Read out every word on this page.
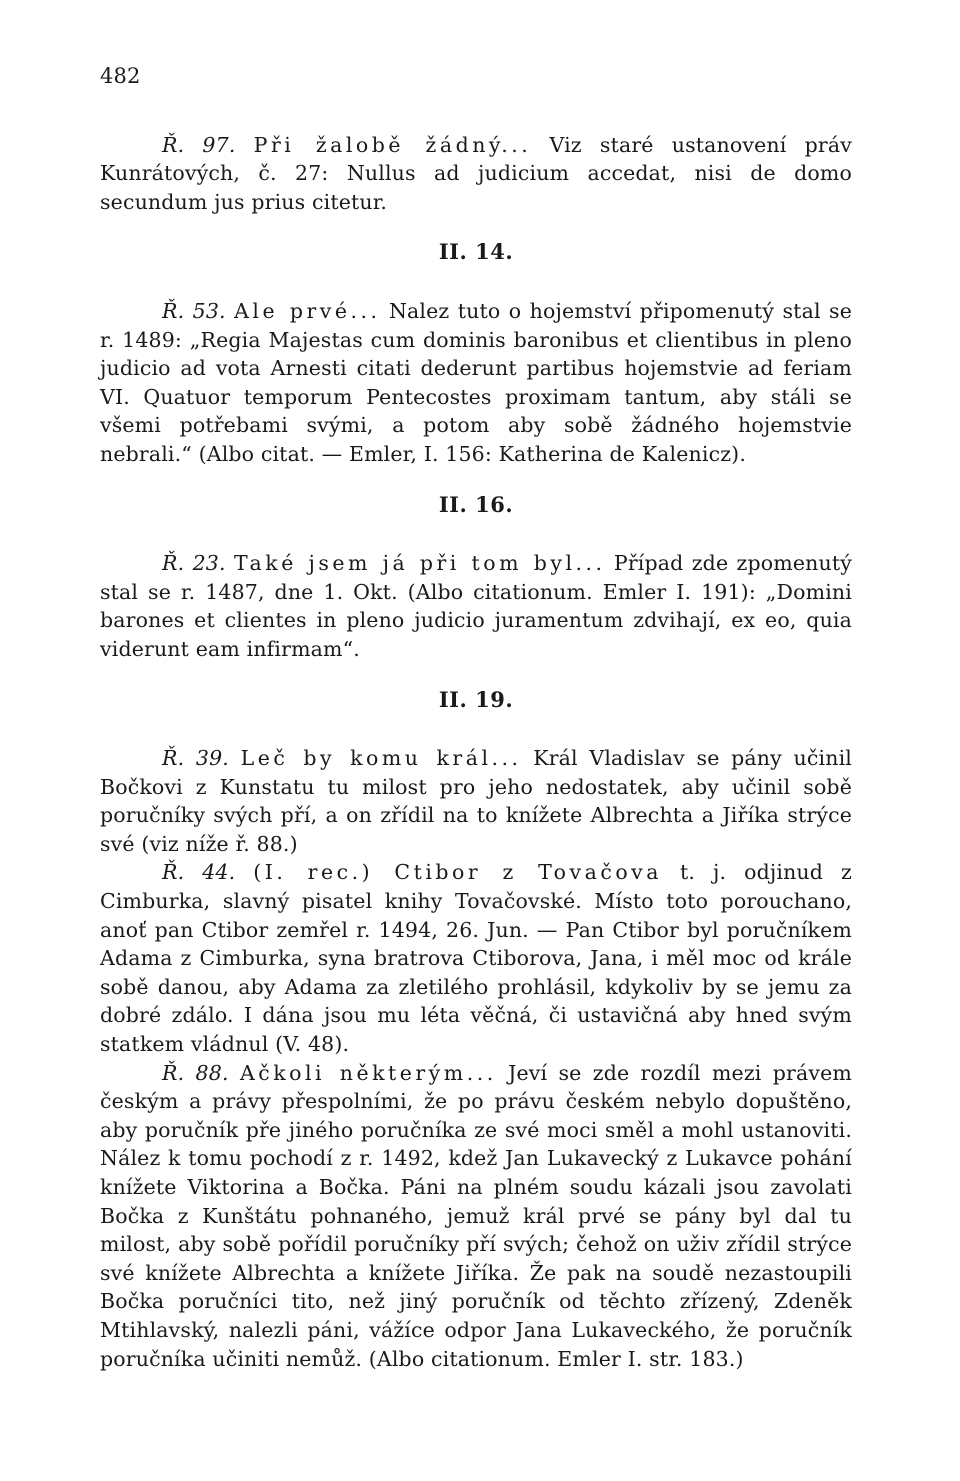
482

Ř. 97. Při žalobě žádný... Viz staré ustanovení práv Kunrátových, č. 27: Nullus ad judicium accedat, nisi de domo secundum jus prius citetur.

II. 14.

Ř. 53. Ale prvé... Nalez tuto o hojemství připomenutý stal se r. 1489: „Regia Majestas cum dominis baronibus et clientibus in pleno judicio ad vota Arnesti citati dederunt partibus hojemstvie ad feriam VI. Quatuor temporum Pentecostes proximam tantum, aby stáli se všemi potřebami svými, a potom aby sobě žádného hojemstvie nebrali.“ (Albo citat. — Emler, I. 156: Katherina de Kalenicz).

II. 16.

Ř. 23. Také jsem já při tom byl... Případ zde zpomenutý stal se r. 1487, dne 1. Okt. (Albo citationum. Emler I. 191): „Domini barones et clientes in pleno judicio juramentum zdvihají, ex eo, quia viderunt eam infirmam“.

II. 19.

Ř. 39. Leč by komu král... Král Vladislav se pány učinil Bočkovi z Kunstatu tu milost pro jeho nedostatek, aby učinil sobě poručníky svých pří, a on zřídil na to knížete Albrechta a Jiříka strýce své (viz níže ř. 88.)

Ř. 44. (I. rec.) Ctibor z Tovačova t. j. odjinud z Cimburka, slavný pisatel knihy Tovačovské. Místo toto porouchano, anoť pan Ctibor zemřel r. 1494, 26. Jun. — Pan Ctibor byl poručníkem Adama z Cimburka, syna bratrova Ctiborova, Jana, i měl moc od krále sobě danou, aby Adama za zletilého prohlásil, kdykoliv by se jemu za dobré zdálo. I dána jsou mu léta věčná, či ustavičná aby hned svým statkem vládnul (V. 48).

Ř. 88. Ačkoli některým... Jeví se zde rozdíl mezi právem českým a právy přespolními, že po právu českém nebylo dopuštěno, aby poručník pře jiného poručníka ze své moci směl a mohl ustanoviti. Nález k tomu pochodí z r. 1492, kdež Jan Lukavecký z Lukavce pohání knížete Viktorina a Bočka. Páni na plném soudu kázali jsou zavolati Bočka z Kunštátu pohnaného, jemuž král prvé se pány byl dal tu milost, aby sobě pořídil poručníky pří svých; čehož on uživ zřídil strýce své knížete Albrechta a knížete Jiříka. Že pak na soudě nezastoupili Bočka poručníci tito, než jiný poručník od těchto zřízený, Zdeněk Mtihlavský, nalezli páni, vážíce odpor Jana Lukaveckého, že poručník poručníka učiniti nemůž. (Albo citationum. Emler I. str. 183.)
